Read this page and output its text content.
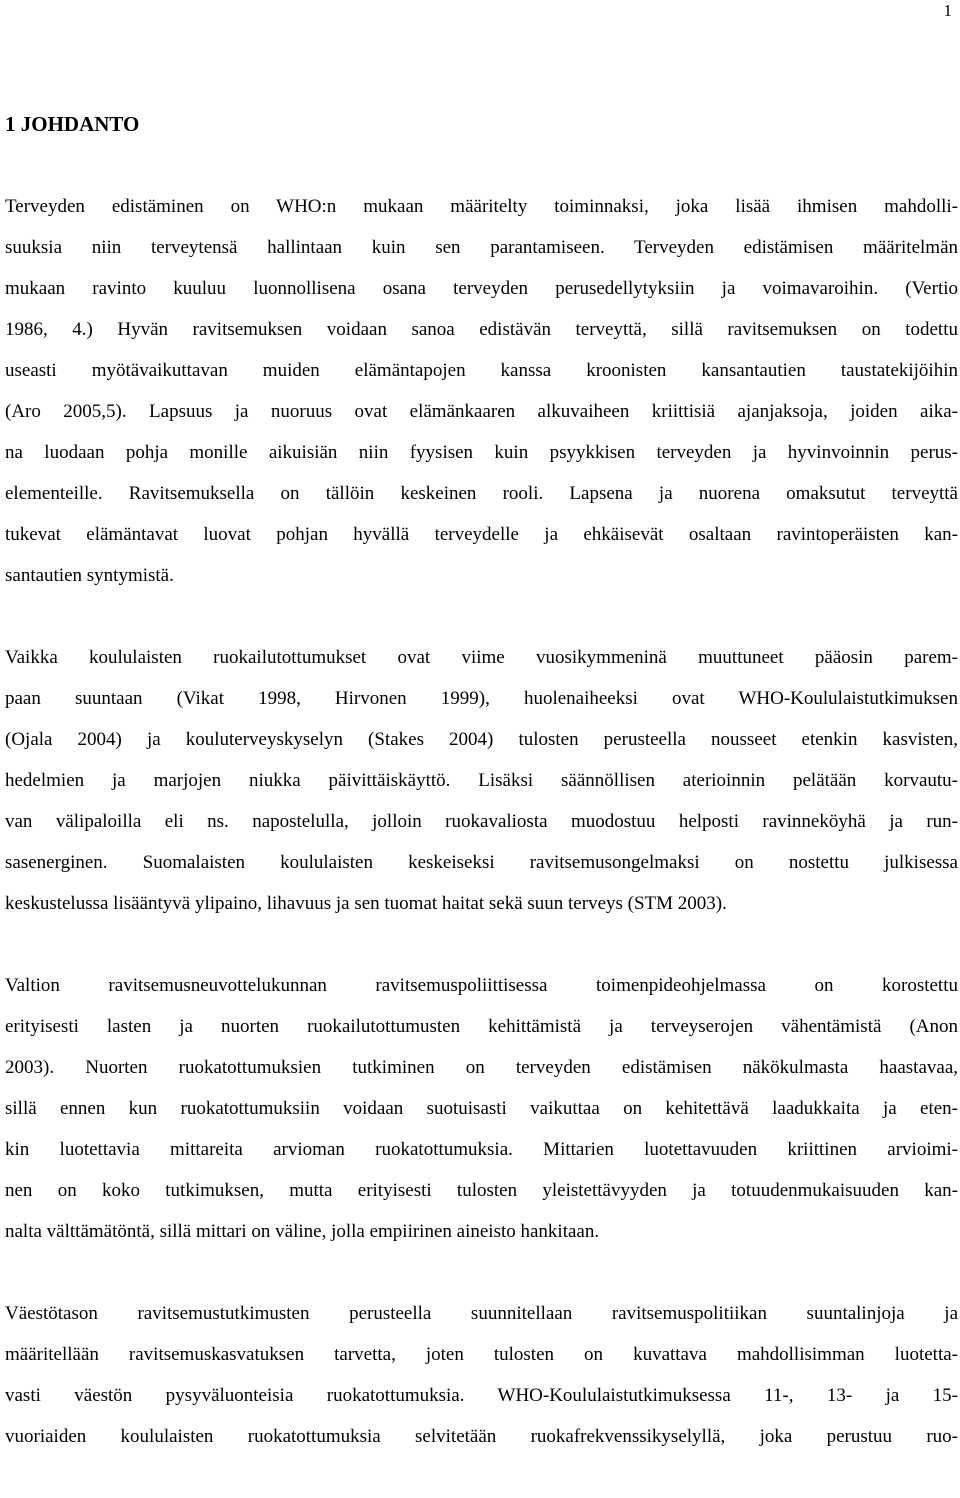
1
1 JOHDANTO
Terveyden edistäminen on WHO:n mukaan määritelty toiminnaksi, joka lisää ihmisen mahdolli-
suuksia niin terveytensä hallintaan kuin sen parantamiseen. Terveyden edistämisen määritelmän
mukaan ravinto kuuluu luonnollisena osana terveyden perusedellytyksiin ja voimavaroihin. (Vertio
1986, 4.) Hyvän ravitsemuksen voidaan sanoa edistävän terveyttä, sillä ravitsemuksen on todettu
useasti myötävaikuttavan muiden elämäntapojen kanssa kroonisten kansantautien taustatekijöihin
(Aro 2005,5). Lapsuus ja nuoruus ovat elämänkaaren alkuvaiheen kriittisiä ajanjaksoja, joiden aika-
na luodaan pohja monille aikuisiän niin fyysisen kuin psyykkisen terveyden ja hyvinvoinnin perus-
elementeille. Ravitsemuksella on tällöin keskeinen rooli. Lapsena ja nuorena omaksutut terveyttä
tukevat elämäntavat luovat pohjan hyvällä terveydelle ja ehkäisevät osaltaan ravintoperäisten kan-
santautien syntymistä.
Vaikka koululaisten ruokailutottumukset ovat viime vuosikymmeninä muuttuneet pääosin parem-
paan suuntaan (Vikat 1998, Hirvonen 1999), huolenaiheeksi ovat WHO-Koululaistutkimuksen
(Ojala 2004) ja kouluterveyskyselyn (Stakes 2004) tulosten perusteella nousseet etenkin kasvisten,
hedelmien ja marjojen niukka päivittäiskäyttö. Lisäksi säännöllisen aterioinnin pelätään korvautu-
van välipaloilla eli ns. napostelulla, jolloin ruokavaliosta muodostuu helposti ravinneköyhä ja run-
sasenerginen. Suomalaisten koululaisten keskeiseksi ravitsemusongelmaksi on nostettu julkisessa
keskustelussa lisääntyvä ylipaino, lihavuus ja sen tuomat haitat sekä suun terveys (STM 2003).
Valtion ravitsemusneuvottelukunnan ravitsemuspoliittisessa toimenpideohjelmassa on korostettu
erityisesti lasten ja nuorten ruokailutottumusten kehittämistä ja terveyserojen vähentämistä (Anon
2003). Nuorten ruokatottumuksien tutkiminen on terveyden edistämisen näkökulmasta haastavaa,
sillä ennen kun ruokatottumuksiin voidaan suotuisasti vaikuttaa on kehitettävä laadukkaita ja eten-
kin luotettavia mittareita arvioman ruokatottumuksia. Mittarien luotettavuuden kriittinen arvioimi-
nen on koko tutkimuksen, mutta erityisesti tulosten yleistettävyyden ja totuudenmukaisuuden kan-
nalta välttämätöntä, sillä mittari on väline, jolla empiirinen aineisto hankitaan.
Väestötason ravitsemustutkimusten perusteella suunnitellaan ravitsemuspolitiikan suuntalinjoja ja
määritellään ravitsemuskasvatuksen tarvetta, joten tulosten on kuvattava mahdollisimman luotetta-
vasti väestön pysyväluonteisia ruokatottumuksia. WHO-Koululaistutkimuksessa 11-, 13- ja 15-
vuoriaiden koululaisten ruokatottumuksia selvitetään ruokafrekvenssikyselyllä, joka perustuu ruo-
